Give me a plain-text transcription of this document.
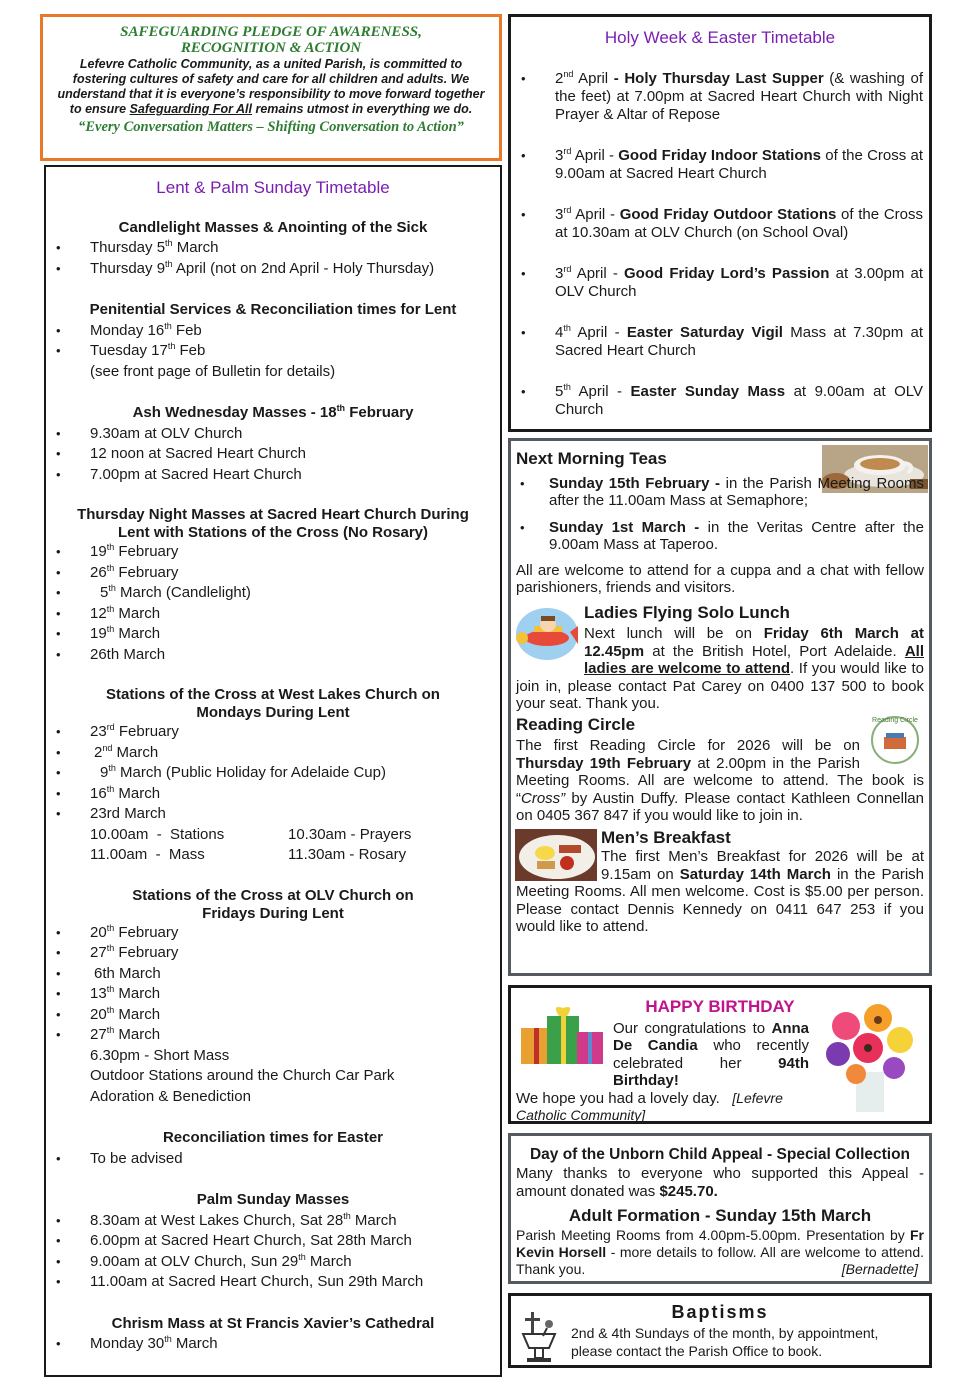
SAFEGUARDING PLEDGE OF AWARENESS,
RECOGNITION & ACTION
Lefevre Catholic Community, as a united Parish, is committed to fostering cultures of safety and care for all children and adults. We understand that it is everyone’s responsibility to move forward together to ensure Safeguarding For All remains utmost in everything we do.
“Every Conversation Matters – Shifting Conversation to Action”
Lent & Palm Sunday Timetable
Candlelight Masses & Anointing of the Sick
• Thursday 5th March
• Thursday 9th April (not on 2nd April - Holy Thursday)
Penitential Services & Reconciliation times for Lent
• Monday 16th Feb
• Tuesday 17th Feb
(see front page of Bulletin for details)
Ash Wednesday Masses - 18th February
• 9.30am at OLV Church
• 12 noon at Sacred Heart Church
• 7.00pm at Sacred Heart Church
Thursday Night Masses at Sacred Heart Church During
Lent with Stations of the Cross (No Rosary)
• 19th February
• 26th February
• 5th March (Candlelight)
• 12th March
• 19th March
• 26th March
Stations of the Cross at West Lakes Church on
Mondays During Lent
• 23rd February
• 2nd March
• 9th March (Public Holiday for Adelaide Cup)
• 16th March
• 23rd March
10.00am  -  Stations	10.30am - Prayers
11.00am  -  Mass	11.30am - Rosary
Stations of the Cross at OLV Church on
Fridays During Lent
• 20th February
• 27th February
• 6th March
• 13th March
• 20th March
• 27th March
6.30pm - Short Mass
Outdoor Stations around the Church Car Park
Adoration & Benediction
Reconciliation times for Easter
• To be advised
Palm Sunday Masses
• 8.30am at West Lakes Church, Sat 28th March
• 6.00pm at Sacred Heart Church, Sat 28th March
• 9.00am at OLV Church, Sun 29th March
• 11.00am at Sacred Heart Church, Sun 29th March
Chrism Mass at St Francis Xavier’s Cathedral
• Monday 30th March
Holy Week & Easter Timetable
• 2nd April - Holy Thursday Last Supper (& washing of the feet) at 7.00pm at Sacred Heart Church with Night Prayer & Altar of Repose
• 3rd April - Good Friday Indoor Stations of the Cross at 9.00am at Sacred Heart Church
• 3rd April - Good Friday Outdoor Stations of the Cross at 10.30am at OLV Church (on School Oval)
• 3rd April - Good Friday Lord’s Passion at 3.00pm at OLV Church
• 4th April - Easter Saturday Vigil Mass at 7.30pm at Sacred Heart Church
• 5th April - Easter Sunday Mass at 9.00am at OLV Church
Next Morning Teas
• Sunday 15th February - in the Parish Meeting Rooms after the 11.00am Mass at Semaphore;
• Sunday 1st March - in the Veritas Centre after the 9.00am Mass at Taperoo.
All are welcome to attend for a cuppa and a chat with fellow parishioners, friends and visitors.
Ladies Flying Solo Lunch
Next lunch will be on Friday 6th March at 12.45pm at the British Hotel, Port Adelaide. All ladies are welcome to attend. If you would like to join in, please contact Pat Carey on 0400 137 500 to book your seat. Thank you.
Reading Circle	Reading Circle
The first Reading Circle for 2026 will be on Thursday 19th February at 2.00pm in the Parish Meeting Rooms. All are welcome to attend. The book is “Cross” by Austin Duffy. Please contact Kathleen Connellan on 0405 367 847 if you would like to join in.
Men’s Breakfast
The first Men’s Breakfast for 2026 will be at 9.15am on Saturday 14th March in the Parish Meeting Rooms. All men welcome. Cost is $5.00 per person. Please contact Dennis Kennedy on 0411 647 253 if you would like to attend.
HAPPY BIRTHDAY
Our congratulations to Anna De Candia who recently celebrated her 94th Birthday!
We hope you had a lovely day. [Lefevre Catholic Community]
Day of the Unborn Child Appeal - Special Collection
Many thanks to everyone who supported this Appeal - amount donated was $245.70.
Adult Formation - Sunday 15th March
Parish Meeting Rooms from 4.00pm-5.00pm. Presentation by Fr Kevin Horsell - more details to follow. All are welcome to attend. Thank you.	[Bernadette]
Baptisms
2nd & 4th Sundays of the month, by appointment, please contact the Parish Office to book.
